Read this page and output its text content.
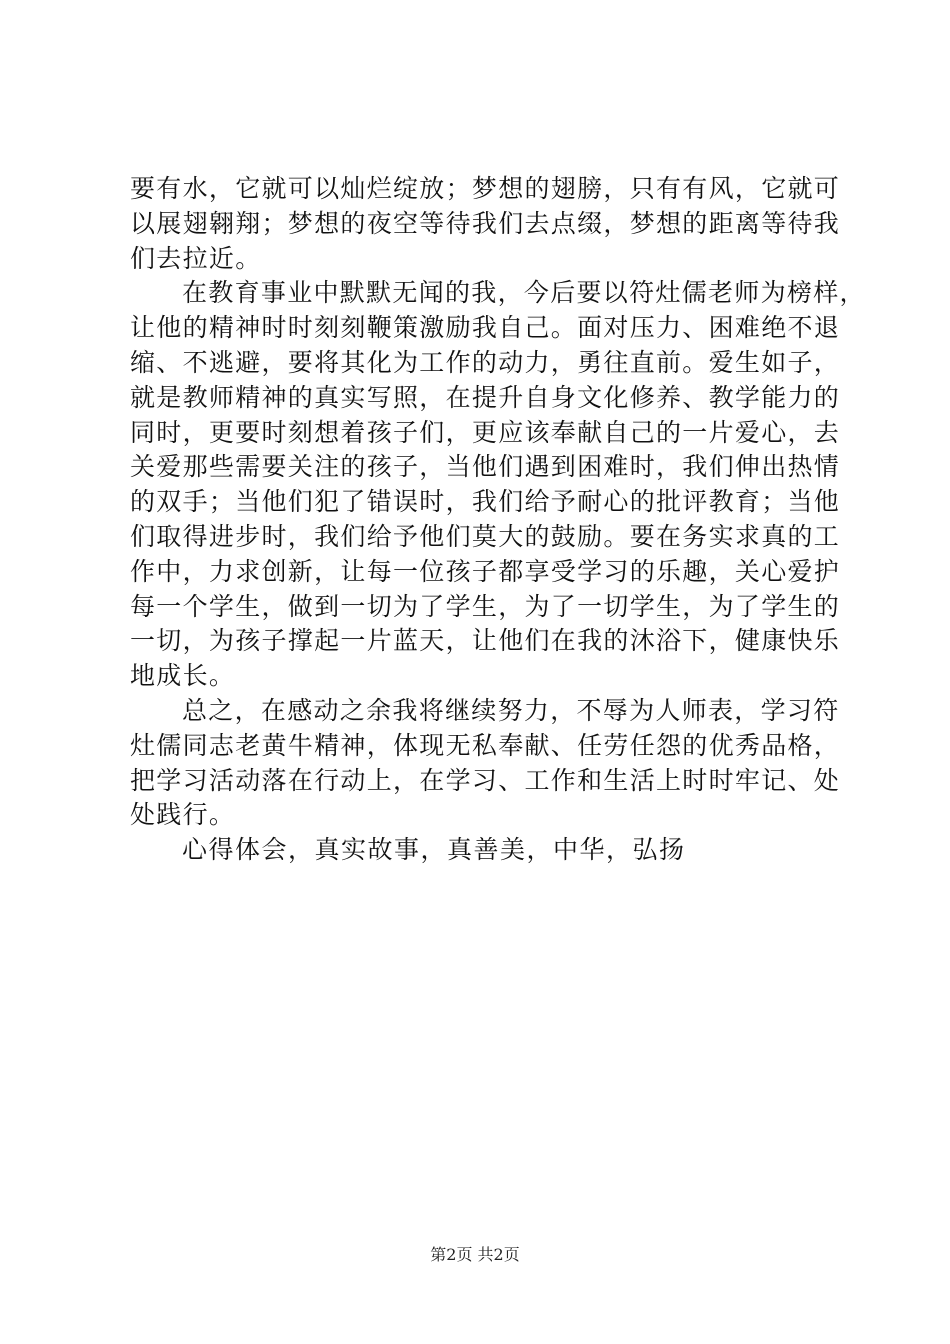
要有水，它就可以灿烂绽放；梦想的翅膀，只有有风，它就可
以展翅翱翔；梦想的夜空等待我们去点缀，梦想的距离等待我
们去拉近。
在教育事业中默默无闻的我，今后要以符灶儒老师为榜样，
让他的精神时时刻刻鞭策激励我自己。面对压力、困难绝不退
缩、不逃避，要将其化为工作的动力，勇往直前。爱生如子，
就是教师精神的真实写照，在提升自身文化修养、教学能力的
同时，更要时刻想着孩子们，更应该奉献自己的一片爱心，去
关爱那些需要关注的孩子，当他们遇到困难时，我们伸出热情
的双手；当他们犯了错误时，我们给予耐心的批评教育；当他
们取得进步时，我们给予他们莫大的鼓励。要在务实求真的工
作中，力求创新，让每一位孩子都享受学习的乐趣，关心爱护
每一个学生，做到一切为了学生，为了一切学生，为了学生的
一切，为孩子撑起一片蓝天，让他们在我的沐浴下，健康快乐
地成长。
总之，在感动之余我将继续努力，不辱为人师表，学习符
灶儒同志老黄牛精神，体现无私奉献、任劳任怨的优秀品格，
把学习活动落在行动上，在学习、工作和生活上时时牢记、处
处践行。
心得体会，真实故事，真善美，中华，弘扬
第2页 共2页
